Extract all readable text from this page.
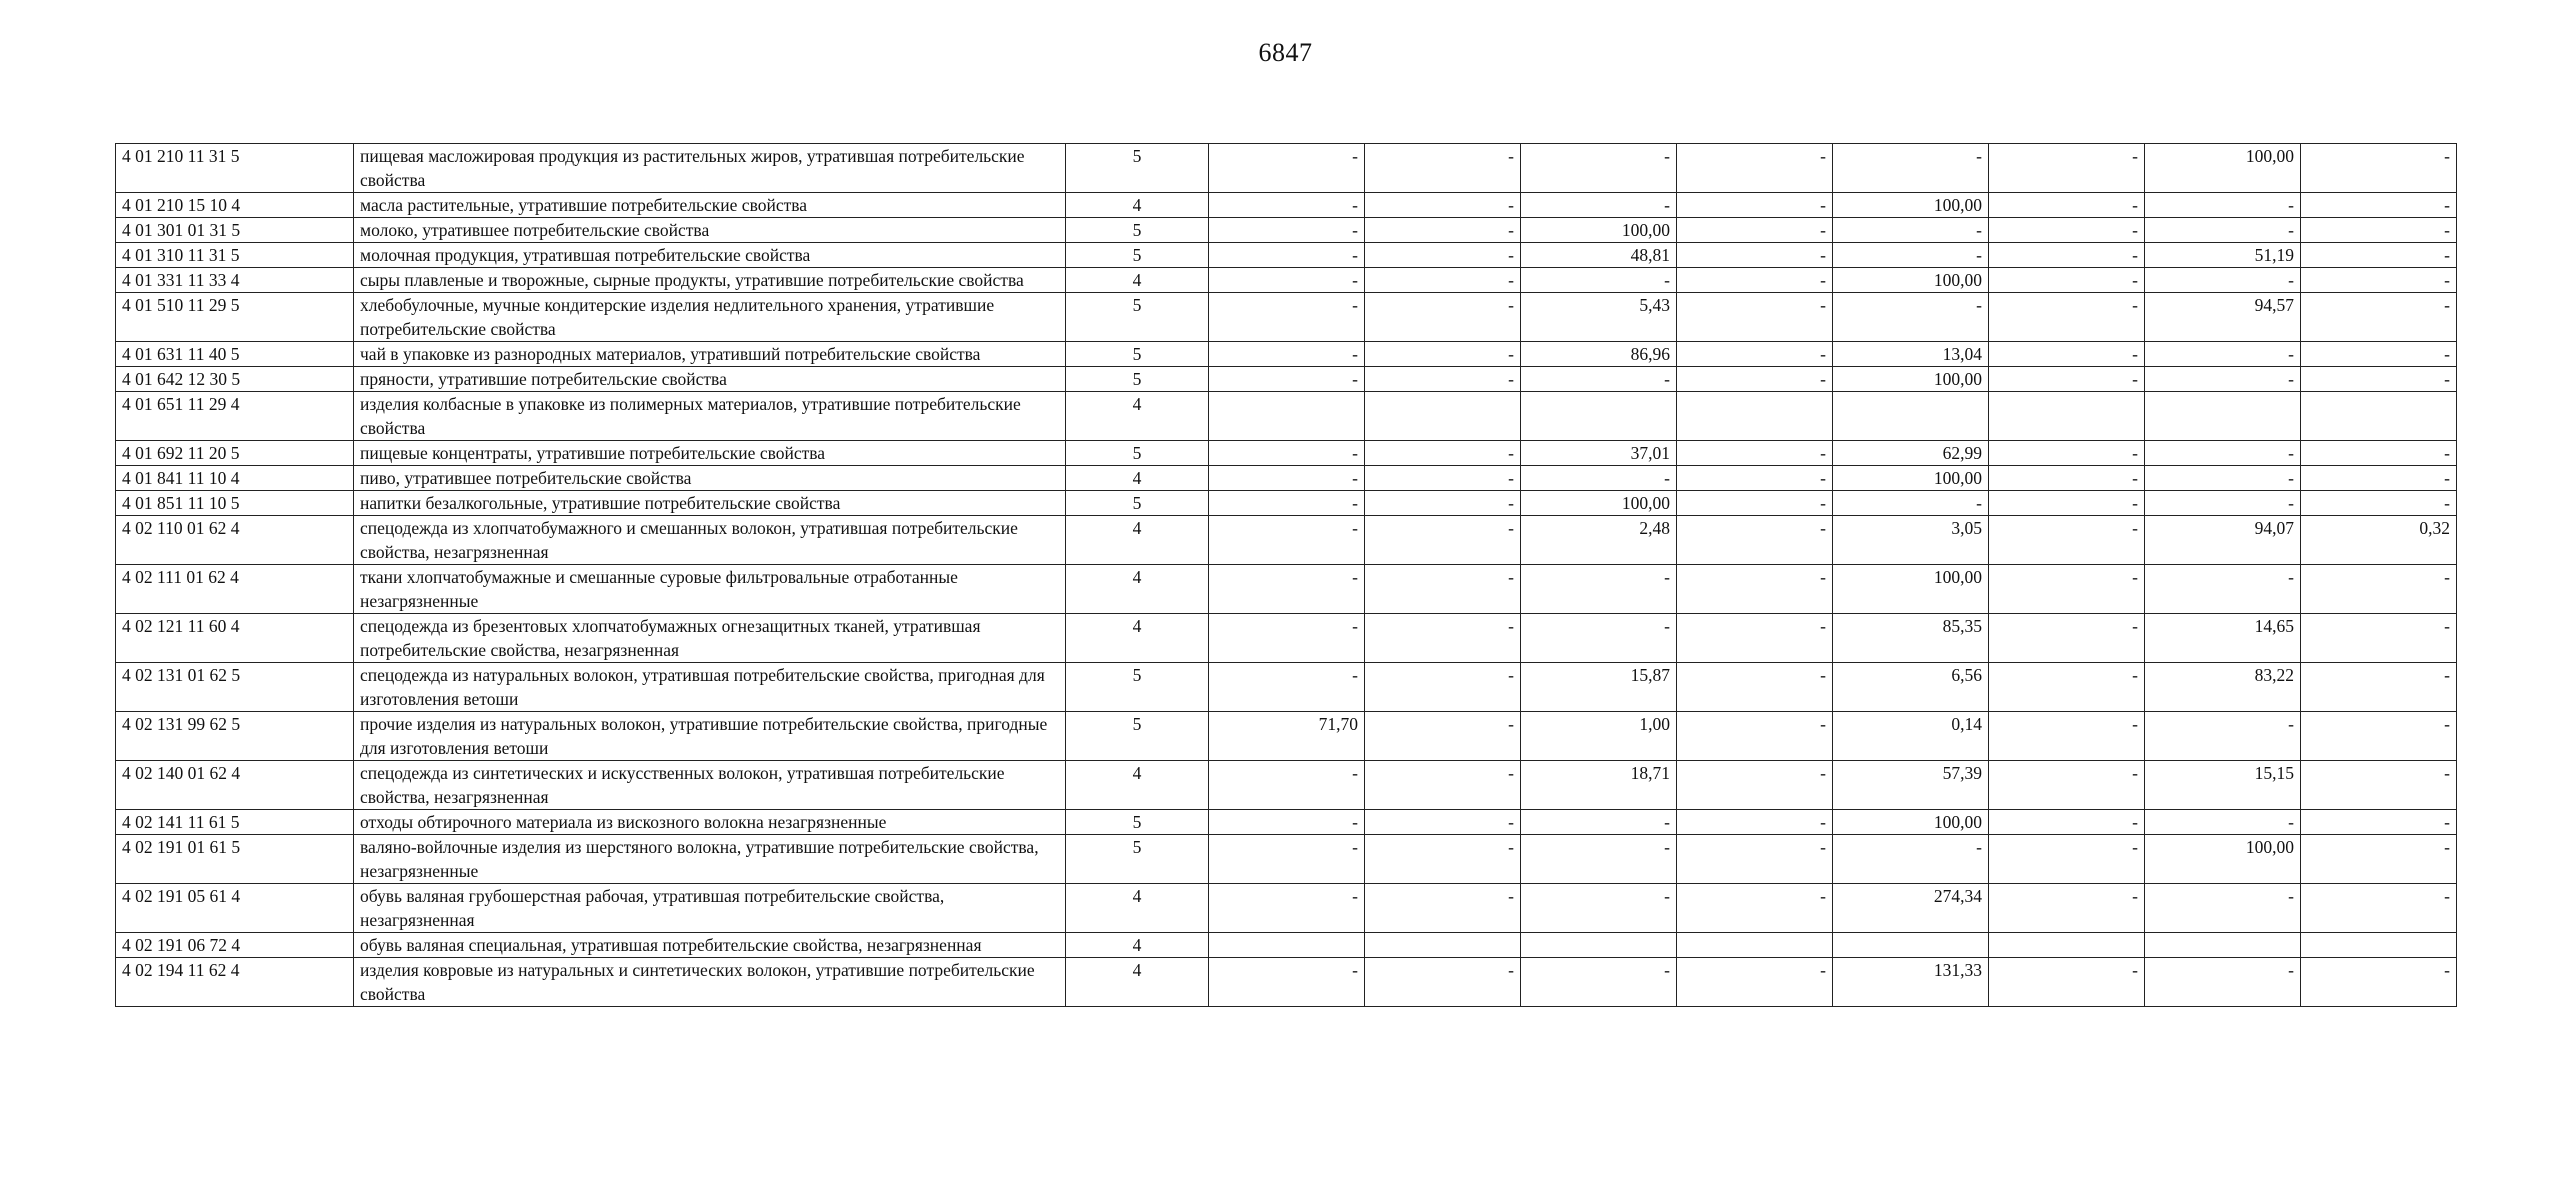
6847
4 01 210 11 31 5	пищевая масложировая продукция из растительных жиров, утратившая потребительские свойства	5	-	-	-	-	-	-	100,00	-
4 01 210 15 10 4	масла растительные, утратившие потребительские свойства	4	-	-	-	-	100,00	-	-	-
4 01 301 01 31 5	молоко, утратившее потребительские свойства	5	-	-	100,00	-	-	-	-	-
4 01 310 11 31 5	молочная продукция, утратившая потребительские свойства	5	-	-	48,81	-	-	-	51,19	-
4 01 331 11 33 4	сыры плавленые и творожные, сырные продукты, утратившие потребительские свойства	4	-	-	-	-	100,00	-	-	-
4 01 510 11 29 5	хлебобулочные, мучные кондитерские изделия недлительного хранения, утратившие потребительские свойства	5	-	-	5,43	-	-	-	94,57	-
4 01 631 11 40 5	чай в упаковке из разнородных материалов, утративший потребительские свойства	5	-	-	86,96	-	13,04	-	-	-
4 01 642 12 30 5	пряности, утратившие потребительские свойства	5	-	-	-	-	100,00	-	-	-
4 01 651 11 29 4	изделия колбасные в упаковке из полимерных материалов, утратившие потребительские свойства	4								
4 01 692 11 20 5	пищевые концентраты, утратившие потребительские свойства	5	-	-	37,01	-	62,99	-	-	-
4 01 841 11 10 4	пиво, утратившее потребительские свойства	4	-	-	-	-	100,00	-	-	-
4 01 851 11 10 5	напитки безалкогольные, утратившие потребительские свойства	5	-	-	100,00	-	-	-	-	-
4 02 110 01 62 4	спецодежда из хлопчатобумажного и смешанных волокон, утратившая потребительские свойства, незагрязненная	4	-	-	2,48	-	3,05	-	94,07	0,32
4 02 111 01 62 4	ткани хлопчатобумажные и смешанные суровые фильтровальные отработанные незагрязненные	4	-	-	-	-	100,00	-	-	-
4 02 121 11 60 4	спецодежда из брезентовых хлопчатобумажных огнезащитных тканей, утратившая потребительские свойства, незагрязненная	4	-	-	-	-	85,35	-	14,65	-
4 02 131 01 62 5	спецодежда из натуральных волокон, утратившая потребительские свойства, пригодная для изготовления ветоши	5	-	-	15,87	-	6,56	-	83,22	-
4 02 131 99 62 5	прочие изделия из натуральных волокон, утратившие потребительские свойства, пригодные для изготовления ветоши	5	71,70	-	1,00	-	0,14	-	-	-
4 02 140 01 62 4	спецодежда из синтетических и искусственных волокон, утратившая потребительские свойства, незагрязненная	4	-	-	18,71	-	57,39	-	15,15	-
4 02 141 11 61 5	отходы обтирочного материала из вискозного волокна незагрязненные	5	-	-	-	-	100,00	-	-	-
4 02 191 01 61 5	валяно-войлочные изделия из шерстяного волокна, утратившие потребительские свойства, незагрязненные	5	-	-	-	-	-	-	100,00	-
4 02 191 05 61 4	обувь валяная грубошерстная рабочая, утратившая потребительские свойства, незагрязненная	4	-	-	-	-	274,34	-	-	-
4 02 191 06 72 4	обувь валяная специальная, утратившая потребительские свойства, незагрязненная	4								
4 02 194 11 62 4	изделия ковровые из натуральных и синтетических волокон, утратившие потребительские свойства	4	-	-	-	-	131,33	-	-	-
